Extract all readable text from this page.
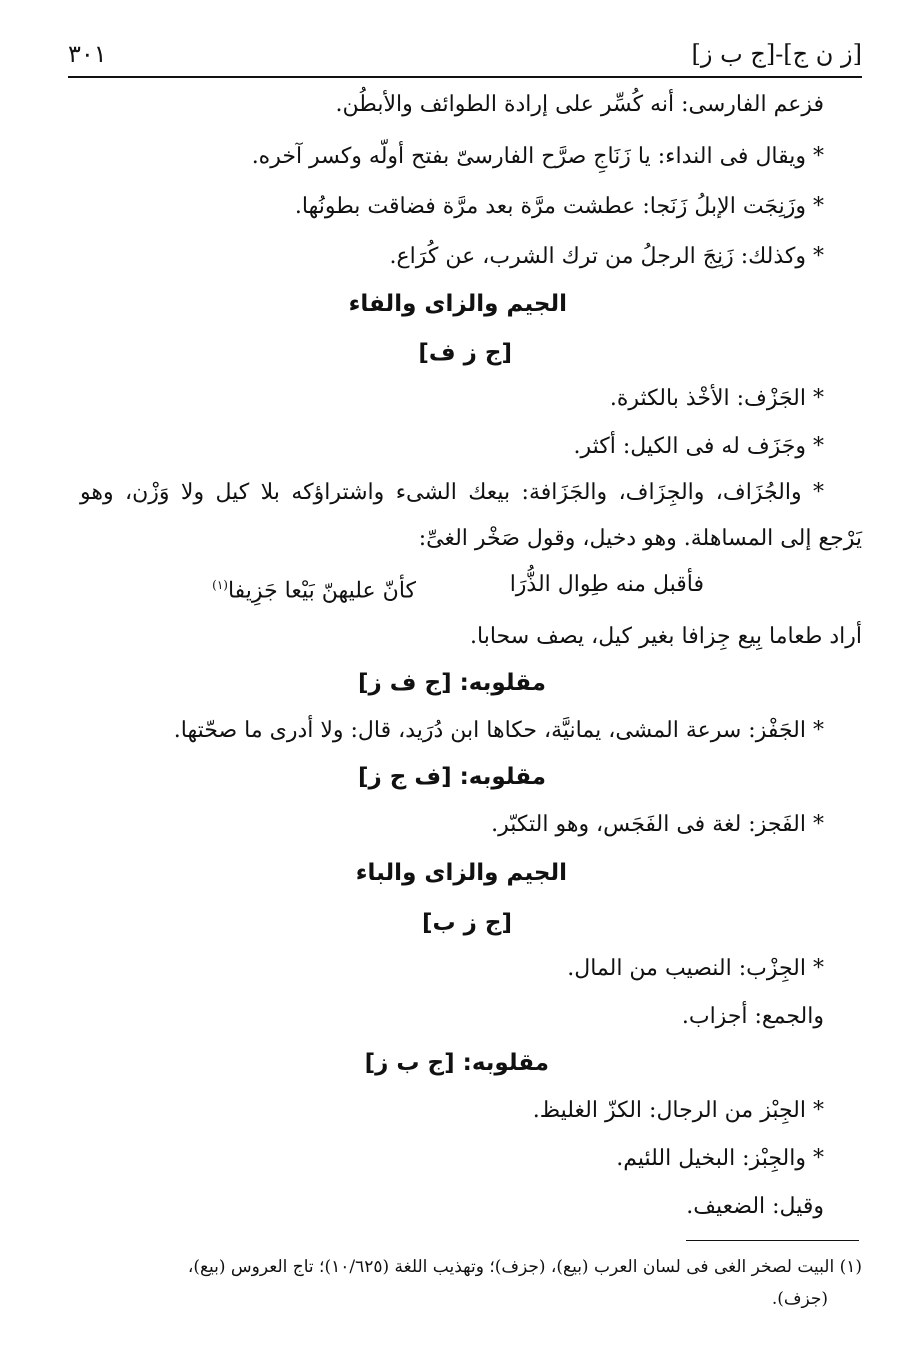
[ز ن ج]-[ج ب ز]
٣٠١
فزعم الفارسى: أنه كُسِّر على إرادة الطوائف والأبطُن.
* ويقال فى النداء: يا زَنَاجِ صرَّح الفارسىّ بفتح أولّه وكسر آخره.
* وزَنِجَت الإبلُ زَنَجا: عطشت مرَّة بعد مرَّة فضاقت بطونُها.
* وكذلك: زَنِجَ الرجلُ من ترك الشرب، عن كُرَاع.
الجيم والزاى والفاء
[ج ز ف]
* الجَزْف: الأخْذ بالكثرة.
* وجَزَف له فى الكيل: أكثر.
* والجُزَاف، والجِزَاف، والجَزَافة: بيعك الشىء واشتراؤكه بلا كيل ولا وَزْن، وهو
يَرْجع إلى المساهلة. وهو دخيل، وقول صَخْر الغىِّ:
فأقبل منه طِوال الذُّرَا
كأنّ عليهنّ بَيْعا جَزِيفا$^{(١)}$
أراد طعاما بِيع جِزافا بغير كيل، يصف سحابا.
مقلوبه: [ج ف ز]
* الجَفْز: سرعة المشى، يمانيَّة، حكاها ابن دُرَيد، قال: ولا أدرى ما صحّتها.
مقلوبه: [ف ج ز]
* الفَجز: لغة فى الفَجَس، وهو التكبّر.
الجيم والزاى والباء
[ج ز ب]
* الجِزْب: النصيب من المال.
والجمع: أجزاب.
مقلوبه: [ج ب ز]
* الجِبْز من الرجال: الكزّ الغليظ.
* والجِبْز: البخيل اللئيم.
وقيل: الضعيف.
(١) البيت لصخر الغى فى لسان العرب (بيع)، (جزف)؛ وتهذيب اللغة (١٠/٦٢٥)؛ تاج العروس (بيع)،
(جزف).
